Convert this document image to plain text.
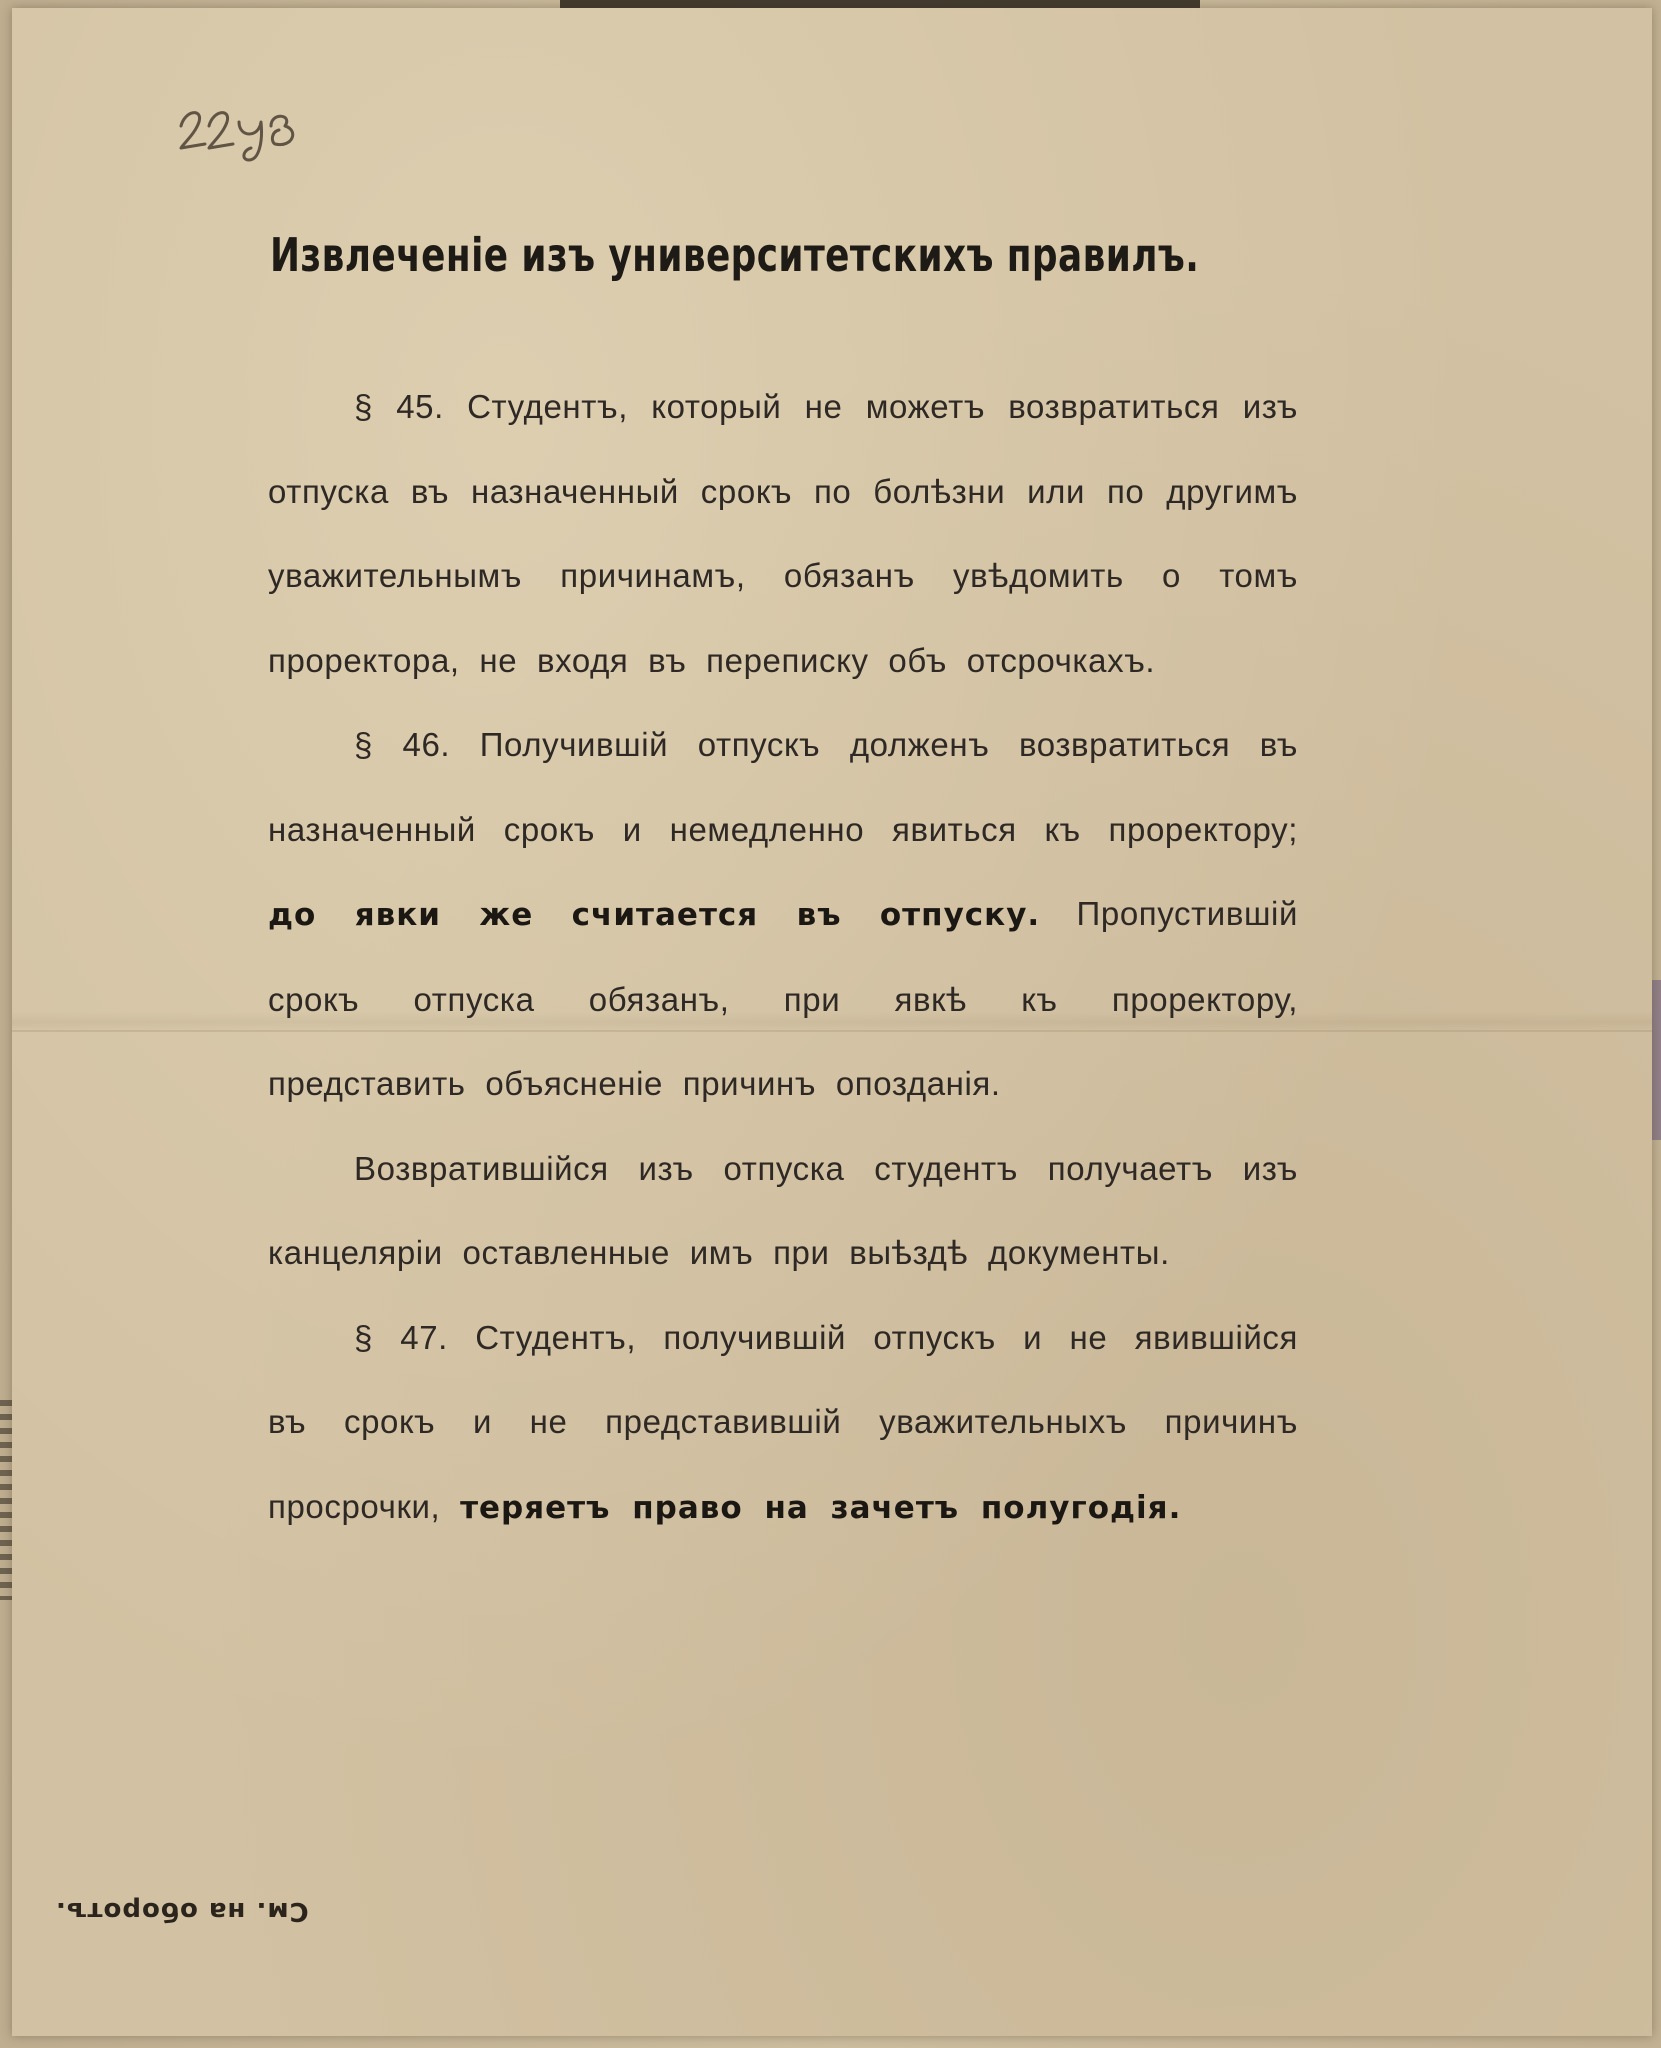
Извлеченіе изъ университетскихъ правилъ.

§ 45. Студентъ, который не можетъ возвратиться изъ отпуска въ назначенный срокъ по болѣзни или по другимъ уважительнымъ причинамъ, обязанъ увѣдомить о томъ проректора, не входя въ переписку объ отсрочкахъ.

§ 46. Получившій отпускъ долженъ возвратиться въ назначенный срокъ и немедленно явиться къ проректору; до явки же считается въ отпуску. Пропустившій срокъ отпуска обязанъ, при явкѣ къ проректору, представить объясненіе причинъ опозданія.

Возвратившійся изъ отпуска студентъ получаетъ изъ канцеляріи оставленные имъ при выѣздѣ документы.

§ 47. Студентъ, получившій отпускъ и не явившійся въ срокъ и не представившій уважительныхъ причинъ просрочки, теряетъ право на зачетъ полугодія.

См. на оборотъ.
